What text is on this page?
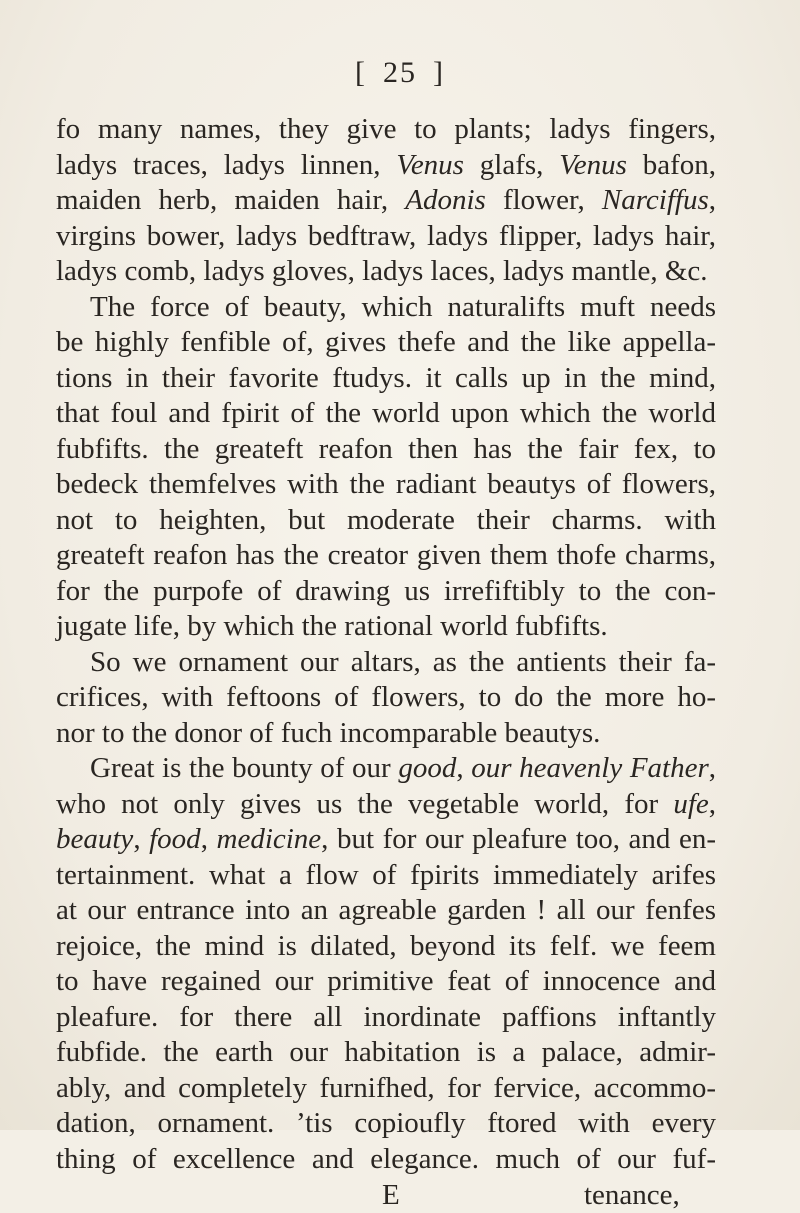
[ 25 ]
fo many names, they give to plants; ladys fingers,
ladys traces, ladys linnen, Venus glafs, Venus bafon,
maiden herb, maiden hair, Adonis flower, Narciffus,
virgins bower, ladys bedftraw, ladys flipper, ladys hair,
ladys comb, ladys gloves, ladys laces, ladys mantle, &c.
The force of beauty, which naturalifts muft needs
be highly fenfible of, gives thefe and the like appella-
tions in their favorite ftudys. it calls up in the mind,
that foul and fpirit of the world upon which the world
fubfifts. the greateft reafon then has the fair fex, to
bedeck themfelves with the radiant beautys of flowers,
not to heighten, but moderate their charms. with
greateft reafon has the creator given them thofe charms,
for the purpofe of drawing us irrefiftibly to the con-
jugate life, by which the rational world fubfifts.
So we ornament our altars, as the antients their fa-
crifices, with feftoons of flowers, to do the more ho-
nor to the donor of fuch incomparable beautys.
Great is the bounty of our good, our heavenly Father,
who not only gives us the vegetable world, for ufe,
beauty, food, medicine, but for our pleafure too, and en-
tertainment. what a flow of fpirits immediately arifes
at our entrance into an agreable garden ! all our fenfes
rejoice, the mind is dilated, beyond its felf. we feem
to have regained our primitive feat of innocence and
pleafure. for there all inordinate paffions inftantly
fubfide. the earth our habitation is a palace, admir-
ably, and completely furnifhed, for fervice, accommo-
dation, ornament. ’tis copioufly ftored with every
thing of excellence and elegance. much of our fuf-
E	tenance,
